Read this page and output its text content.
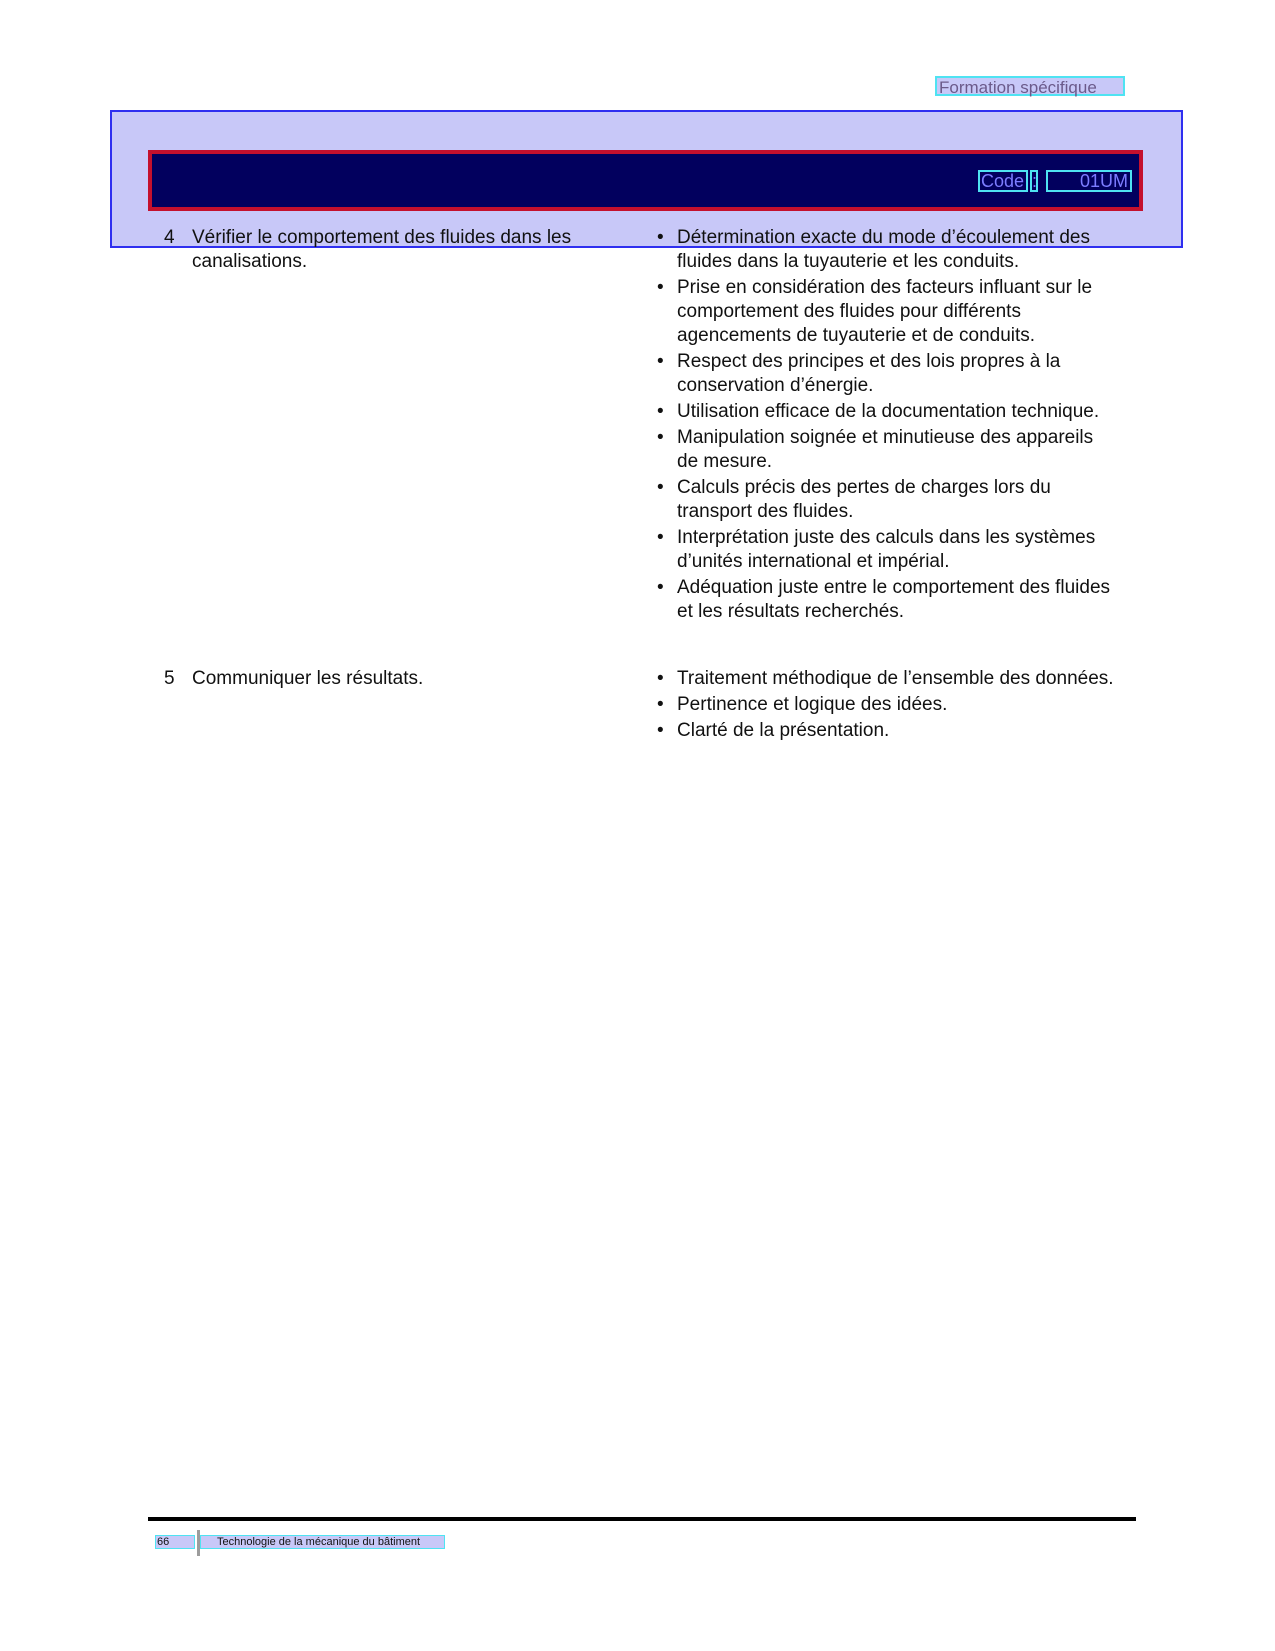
Formation spécifique
Code :	01UM
4 Vérifier le comportement des fluides dans les canalisations.
• Détermination exacte du mode d’écoulement des fluides dans la tuyauterie et les conduits.
• Prise en considération des facteurs influant sur le comportement des fluides pour différents agencements de tuyauterie et de conduits.
• Respect des principes et des lois propres à la conservation d’énergie.
• Utilisation efficace de la documentation technique.
• Manipulation soignée et minutieuse des appareils de mesure.
• Calculs précis des pertes de charges lors du transport des fluides.
• Interprétation juste des calculs dans les systèmes d’unités international et impérial.
• Adéquation juste entre le comportement des fluides et les résultats recherchés.
5 Communiquer les résultats.
•	Traitement méthodique de l’ensemble des données.
• Pertinence et logique des idées.
• Clarté de la présentation.
66	Technologie de la mécanique du bâtiment
